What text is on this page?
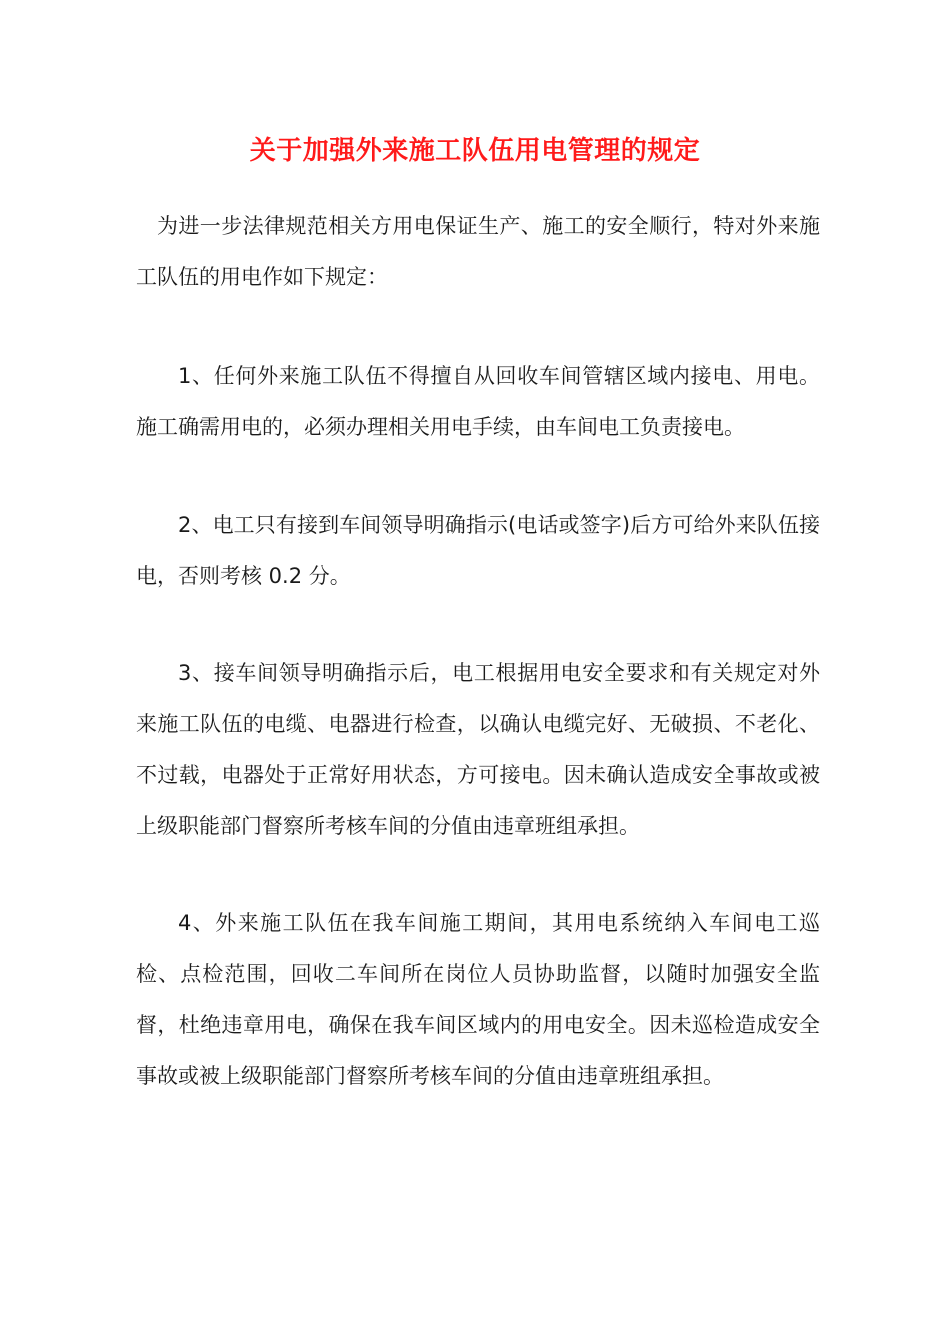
关于加强外来施工队伍用电管理的规定

为进一步法律规范相关方用电保证生产、施工的安全顺行，特对外来施工队伍的用电作如下规定：

1、任何外来施工队伍不得擅自从回收车间管辖区域内接电、用电。施工确需用电的，必须办理相关用电手续，由车间电工负责接电。

2、电工只有接到车间领导明确指示(电话或签字)后方可给外来队伍接电，否则考核 0.2 分。

3、接车间领导明确指示后，电工根据用电安全要求和有关规定对外来施工队伍的电缆、电器进行检查，以确认电缆完好、无破损、不老化、不过载，电器处于正常好用状态，方可接电。因未确认造成安全事故或被上级职能部门督察所考核车间的分值由违章班组承担。

4、外来施工队伍在我车间施工期间，其用电系统纳入车间电工巡检、点检范围，回收二车间所在岗位人员协助监督，以随时加强安全监督，杜绝违章用电，确保在我车间区域内的用电安全。因未巡检造成安全事故或被上级职能部门督察所考核车间的分值由违章班组承担。
